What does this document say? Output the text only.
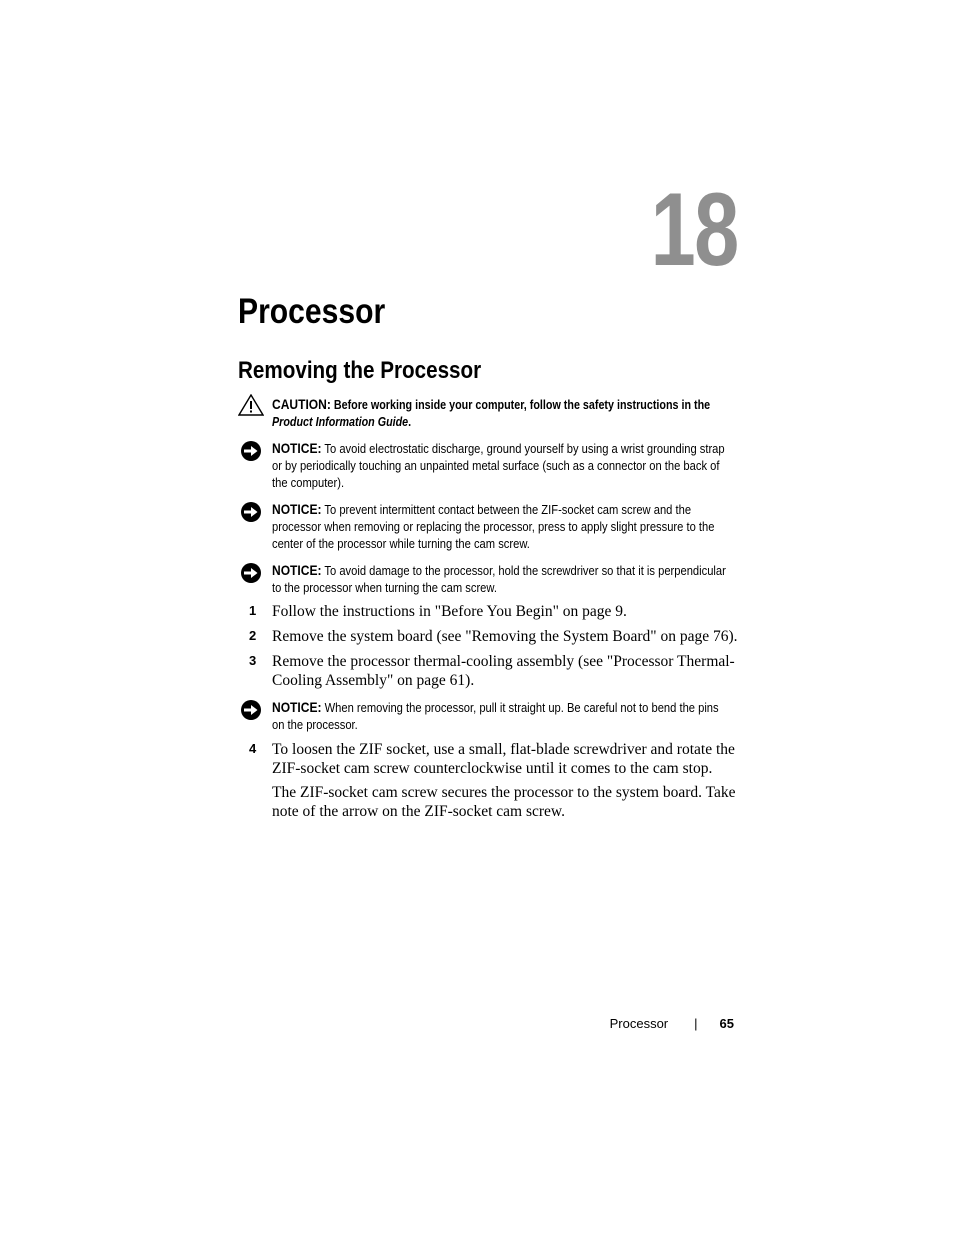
18
Processor
Removing the Processor
CAUTION: Before working inside your computer, follow the safety instructions in the Product Information Guide.
NOTICE: To avoid electrostatic discharge, ground yourself by using a wrist grounding strap or by periodically touching an unpainted metal surface (such as a connector on the back of the computer).
NOTICE: To prevent intermittent contact between the ZIF-socket cam screw and the processor when removing or replacing the processor, press to apply slight pressure to the center of the processor while turning the cam screw.
NOTICE: To avoid damage to the processor, hold the screwdriver so that it is perpendicular to the processor when turning the cam screw.
1 Follow the instructions in "Before You Begin" on page 9.
2 Remove the system board (see "Removing the System Board" on page 76).
3 Remove the processor thermal-cooling assembly (see "Processor Thermal-Cooling Assembly" on page 61).
NOTICE: When removing the processor, pull it straight up. Be careful not to bend the pins on the processor.
4 To loosen the ZIF socket, use a small, flat-blade screwdriver and rotate the ZIF-socket cam screw counterclockwise until it comes to the cam stop.
The ZIF-socket cam screw secures the processor to the system board. Take note of the arrow on the ZIF-socket cam screw.
Processor | 65
